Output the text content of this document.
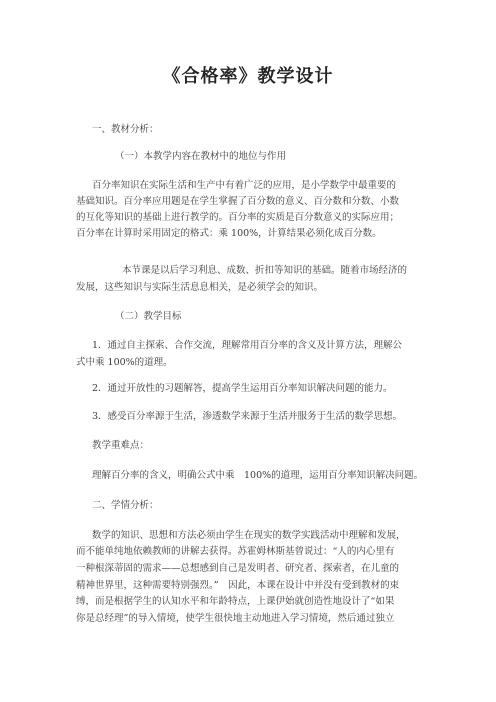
《合格率》教学设计
一、教材分析：
（一）本教学内容在教材中的地位与作用
百分率知识在实际生活和生产中有着广泛的应用，是小学数学中最重要的
基础知识。百分率应用题是在学生掌握了百分数的意义、百分数和分数、小数
的互化等知识的基础上进行教学的。百分率的实质是百分数意义的实际应用；
百分率在计算时采用固定的格式：乘 100%，计算结果必须化成百分数。
本节课是以后学习利息、成数、折扣等知识的基础。随着市场经济的
发展，这些知识与实际生活息息相关，是必须学会的知识。
（二）教学目标
1．通过自主探索、合作交流，理解常用百分率的含义及计算方法，理解公
式中乘 100%的道理。
2．通过开放性的习题解答，提高学生运用百分率知识解决问题的能力。
3．感受百分率源于生活，渗透数学来源于生活并服务于生活的数学思想。
教学重难点：
理解百分率的含义，明确公式中乘　100%的道理，运用百分率知识解决问题。
二、学情分析：
数学的知识、思想和方法必须由学生在现实的数学实践活动中理解和发展，
而不能单纯地依赖教师的讲解去获得。苏霍姆林斯基曾说过：“人的内心里有
一种根深蒂固的需求——总想感到自己是发明者、研究者、探索者，在儿童的
精神世界里，这种需要特别强烈。”　因此，本课在设计中并没有受到教材的束
缚，而是根据学生的认知水平和年龄特点，上课伊始就创造性地设计了“如果
你是总经理”的导入情境，使学生很快地主动地进入学习情境，然后通过独立
